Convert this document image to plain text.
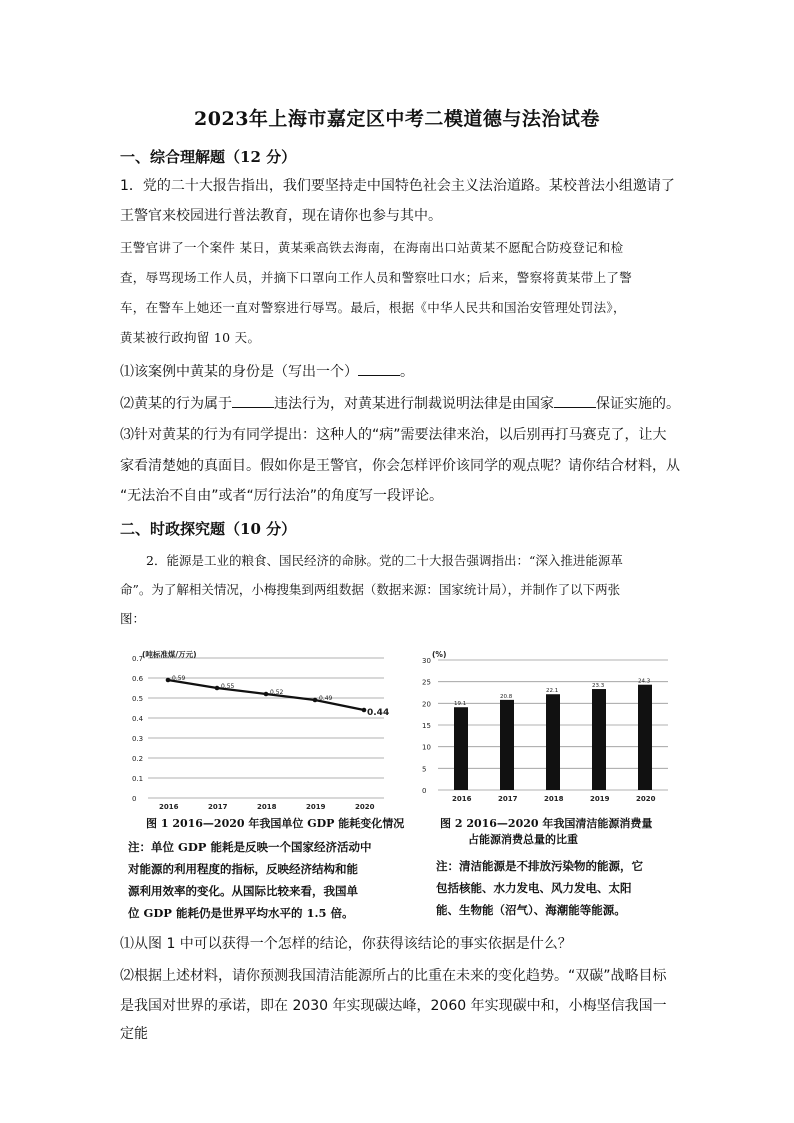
2023年上海市嘉定区中考二模道德与法治试卷
一、综合理解题（12 分）
1．党的二十大报告指出，我们要坚持走中国特色社会主义法治道路。某校普法小组邀请了
王警官来校园进行普法教育，现在请你也参与其中。
王警官讲了一个案件 某日，黄某乘高铁去海南，在海南出口站黄某不愿配合防疫登记和检
查，辱骂现场工作人员，并摘下口罩向工作人员和警察吐口水；后来，警察将黄某带上了警
车，在警车上她还一直对警察进行辱骂。最后，根据《中华人民共和国治安管理处罚法》，
黄某被行政拘留 10 天。
⑴该案例中黄某的身份是（写出一个）	。
⑵黄某的行为属于	违法行为，对黄某进行制裁说明法律是由国家	保证实施的。
⑶针对黄某的行为有同学提出：这种人的“病”需要法律来治，以后别再打马赛克了，让大
家看清楚她的真面目。假如你是王警官，你会怎样评价该同学的观点呢？请你结合材料，从
“无法治不自由”或者“厉行法治”的角度写一段评论。
二、时政探究题（10 分）
2．能源是工业的粮食、国民经济的命脉。党的二十大报告强调指出：“深入推进能源革
命”。为了解相关情况，小梅搜集到两组数据（数据来源：国家统计局），并制作了以下两张
图：
0
0.1
0.2
0.3
0.4
0.5
0.6
0.7
(吨标准煤/万元)
2016	2017	2018	2019	2020
0.59
0.55
0.52
0.49
0.44
图 1 2016—2020 年我国单位 GDP 能耗变化情况
注：单位 GDP 能耗是反映一个国家经济活动中
对能源的利用程度的指标，反映经济结构和能
源利用效率的变化。从国际比较来看，我国单
位 GDP 能耗仍是世界平均水平的 1.5 倍。
0
5
10
15
20
25
30
(%)
19.1
2016
20.8
2017
22.1
2018
23.3
2019
24.3
2020
图 2 2016—2020 年我国清洁能源消费量
占能源消费总量的比重
注：清洁能源是不排放污染物的能源，它
包括核能、水力发电、风力发电、太阳
能、生物能（沼气）、海潮能等能源。
⑴从图 1 中可以获得一个怎样的结论，你获得该结论的事实依据是什么？
⑵根据上述材料，请你预测我国清洁能源所占的比重在未来的变化趋势。“双碳”战略目标
是我国对世界的承诺，即在 2030 年实现碳达峰，2060 年实现碳中和，小梅坚信我国一定能
